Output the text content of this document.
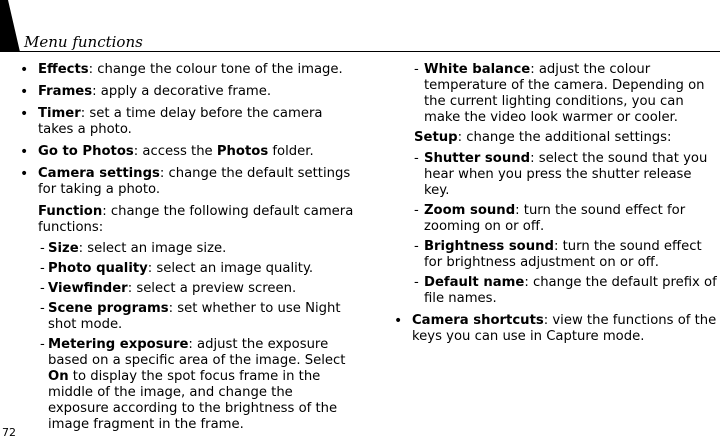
Menu functions
72
• Effects: change the colour tone of the image.
• Frames: apply a decorative frame.
• Timer: set a time delay before the camera takes a photo.
• Go to Photos: access the Photos folder.
• Camera settings: change the default settings for taking a photo.
Function: change the following default camera functions:
- Size: select an image size.
- Photo quality: select an image quality.
- Viewfinder: select a preview screen.
- Scene programs: set whether to use Night shot mode.
- Metering exposure: adjust the exposure based on a specific area of the image. Select On to display the spot focus frame in the middle of the image, and change the exposure according to the brightness of the image fragment in the frame.
- White balance: adjust the colour temperature of the camera. Depending on the current lighting conditions, you can make the video look warmer or cooler.
Setup: change the additional settings:
- Shutter sound: select the sound that you hear when you press the shutter release key.
- Zoom sound: turn the sound effect for zooming on or off.
- Brightness sound: turn the sound effect for brightness adjustment on or off.
- Default name: change the default prefix of file names.
• Camera shortcuts: view the functions of the keys you can use in Capture mode.
